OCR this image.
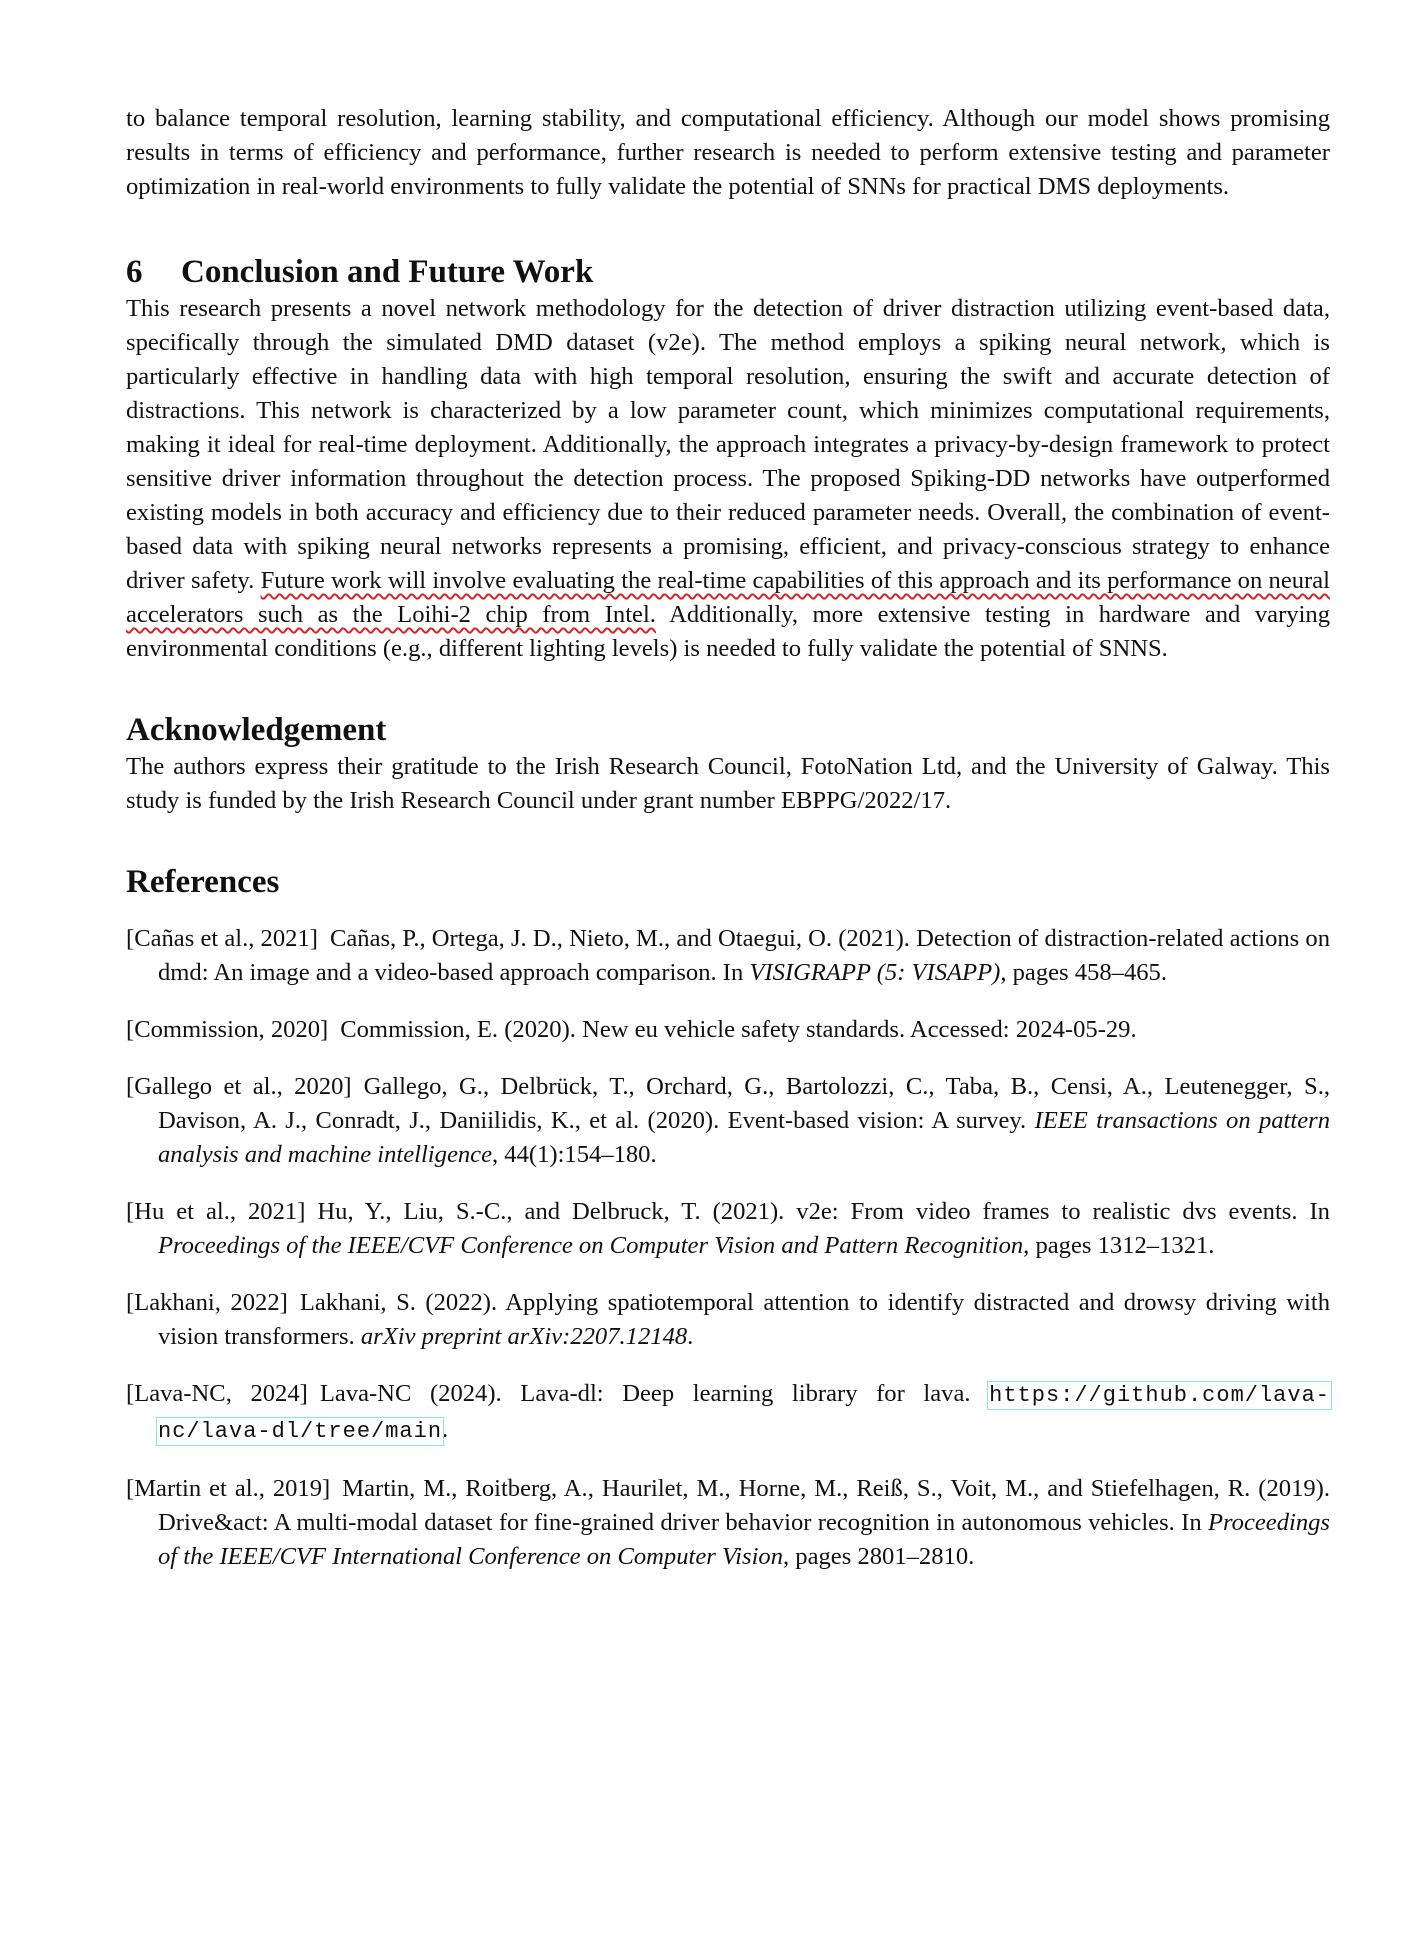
to balance temporal resolution, learning stability, and computational efficiency. Although our model shows promising results in terms of efficiency and performance, further research is needed to perform extensive testing and parameter optimization in real-world environments to fully validate the potential of SNNs for practical DMS deployments.

6 Conclusion and Future Work

This research presents a novel network methodology for the detection of driver distraction utilizing event-based data, specifically through the simulated DMD dataset (v2e). The method employs a spiking neural network, which is particularly effective in handling data with high temporal resolution, ensuring the swift and accurate detection of distractions. This network is characterized by a low parameter count, which minimizes computational requirements, making it ideal for real-time deployment. Additionally, the approach integrates a privacy-by-design framework to protect sensitive driver information throughout the detection process. The proposed Spiking-DD networks have outperformed existing models in both accuracy and efficiency due to their reduced parameter needs. Overall, the combination of event-based data with spiking neural networks represents a promising, efficient, and privacy-conscious strategy to enhance driver safety. Future work will involve evaluating the real-time capabilities of this approach and its performance on neural accelerators such as the Loihi-2 chip from Intel. Additionally, more extensive testing in hardware and varying environmental conditions (e.g., different lighting levels) is needed to fully validate the potential of SNNS.

Acknowledgement

The authors express their gratitude to the Irish Research Council, FotoNation Ltd, and the University of Galway. This study is funded by the Irish Research Council under grant number EBPPG/2022/17.

References
[Cañas et al., 2021] Cañas, P., Ortega, J. D., Nieto, M., and Otaegui, O. (2021). Detection of distraction-related actions on dmd: An image and a video-based approach comparison. In VISIGRAPP (5: VISAPP), pages 458–465.
[Commission, 2020] Commission, E. (2020). New eu vehicle safety standards. Accessed: 2024-05-29.
[Gallego et al., 2020] Gallego, G., Delbrück, T., Orchard, G., Bartolozzi, C., Taba, B., Censi, A., Leutenegger, S., Davison, A. J., Conradt, J., Daniilidis, K., et al. (2020). Event-based vision: A survey. IEEE transactions on pattern analysis and machine intelligence, 44(1):154–180.
[Hu et al., 2021] Hu, Y., Liu, S.-C., and Delbruck, T. (2021). v2e: From video frames to realistic dvs events. In Proceedings of the IEEE/CVF Conference on Computer Vision and Pattern Recognition, pages 1312–1321.
[Lakhani, 2022] Lakhani, S. (2022). Applying spatiotemporal attention to identify distracted and drowsy driving with vision transformers. arXiv preprint arXiv:2207.12148.
[Lava-NC, 2024] Lava-NC (2024). Lava-dl: Deep learning library for lava. https://github.com/lava-nc/lava-dl/tree/main.
[Martin et al., 2019] Martin, M., Roitberg, A., Haurilet, M., Horne, M., Reiß, S., Voit, M., and Stiefelhagen, R. (2019). Drive&act: A multi-modal dataset for fine-grained driver behavior recognition in autonomous vehicles. In Proceedings of the IEEE/CVF International Conference on Computer Vision, pages 2801–2810.
